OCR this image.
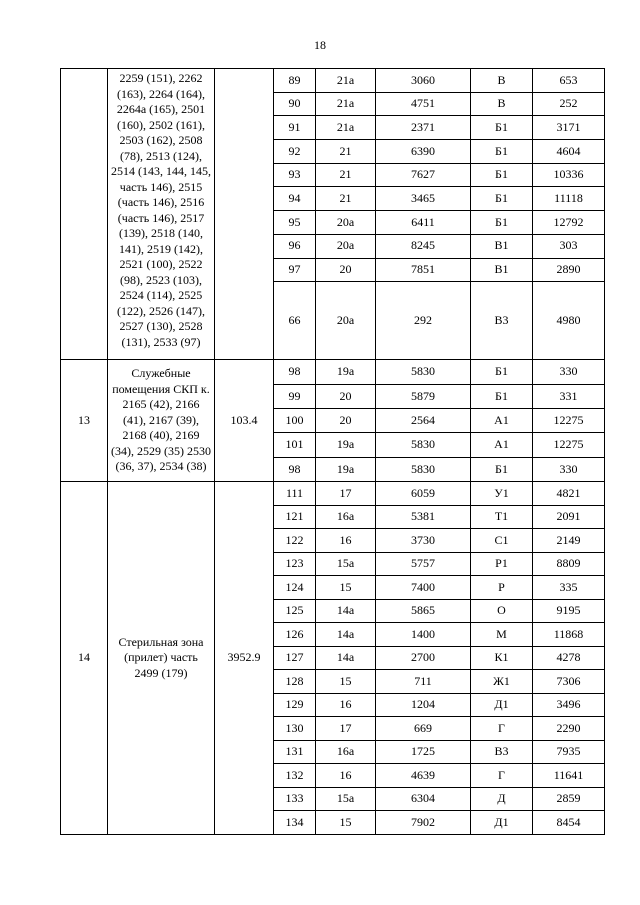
18
	2259 (151), 2262 (163), 2264 (164), 2264а (165), 2501 (160), 2502 (161), 2503 (162), 2508 (78), 2513 (124), 2514 (143, 144, 145, часть 146), 2515 (часть 146), 2516 (часть 146), 2517 (139), 2518 (140, 141), 2519 (142), 2521 (100), 2522 (98), 2523 (103), 2524 (114), 2525 (122), 2526 (147), 2527 (130), 2528 (131), 2533 (97)		89	21а	3060	В	653
			90	21а	4751	В	252
			91	21а	2371	Б1	3171
			92	21	6390	Б1	4604
			93	21	7627	Б1	10336
			94	21	3465	Б1	11118
			95	20а	6411	Б1	12792
			96	20а	8245	В1	303
			97	20	7851	В1	2890
			66	20а	292	В3	4980
13	Служебные помещения СКП к. 2165 (42), 2166 (41), 2167 (39), 2168 (40), 2169 (34), 2529 (35) 2530 (36, 37), 2534 (38)	103.4	98	19а	5830	Б1	330
			99	20	5879	Б1	331
			100	20	2564	А1	12275
			101	19а	5830	А1	12275
			98	19а	5830	Б1	330
14	Стерильная зона (прилет) часть 2499 (179)	3952.9	111	17	6059	У1	4821
			121	16а	5381	Т1	2091
			122	16	3730	С1	2149
			123	15а	5757	Р1	8809
			124	15	7400	Р	335
			125	14а	5865	О	9195
			126	14а	1400	М	11868
			127	14а	2700	К1	4278
			128	15	711	Ж1	7306
			129	16	1204	Д1	3496
			130	17	669	Г	2290
			131	16а	1725	В3	7935
			132	16	4639	Г	11641
			133	15а	6304	Д	2859
			134	15	7902	Д1	8454
